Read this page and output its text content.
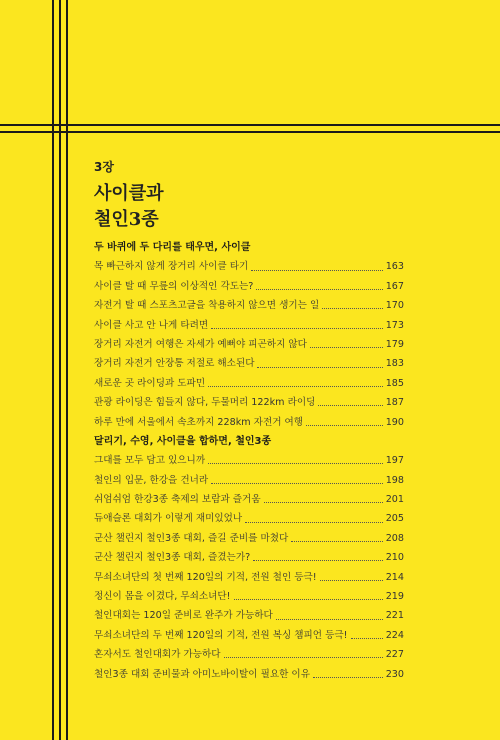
3장
사이클과
철인3종
두 바퀴에 두 다리를 태우면, 사이클
목 빠근하지 않게 장거리 사이클 타기	163
사이클 탈 때 무릎의 이상적인 각도는?	167
자전거 탈 때 스포츠고글을 착용하지 않으면 생기는 일	170
사이클 사고 안 나게 타려면	173
장거리 자전거 여행은 자세가 예뻐야 피곤하지 않다	179
장거리 자전거 안장통 저절로 해소된다	183
새로운 곳 라이딩과 도파민	185
관광 라이딩은 힘들지 않다, 두물머리 122km 라이딩	187
하루 만에 서울에서 속초까지 228km 자전거 여행	190
달리기, 수영, 사이클을 합하면, 철인3종
그대를 모두 담고 있으니까	197
철인의 입문, 한강을 건너라	198
쉬엄쉬엄 한강3종 축제의 보람과 즐거움	201
듀애슬론 대회가 이렇게 재미있었나	205
군산 챌린지 철인3종 대회, 즐길 준비를 마쳤다	208
군산 챌린지 철인3종 대회, 즐겼는가?	210
무쇠소녀단의 첫 번째 120일의 기적, 전원 철인 등극!	214
정신이 몸을 이겼다, 무쇠소녀단!	219
철인대회는 120일 준비로 완주가 가능하다	221
무쇠소녀단의 두 번째 120일의 기적, 전원 복싱 챔피언 등극!	224
혼자서도 철인대회가 가능하다	227
철인3종 대회 준비물과 아미노바이탈이 필요한 이유	230
